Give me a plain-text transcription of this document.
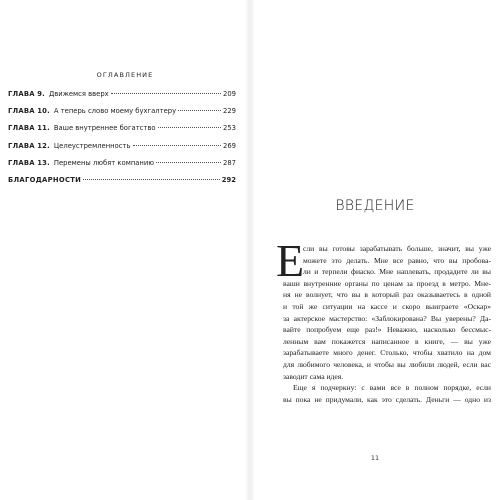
ОГЛАВЛЕНИЕ
ГЛАВА 9. Движемся вверх	209
ГЛАВА 10. А теперь слово моему бухгалтеру	229
ГЛАВА 11. Ваше внутреннее богатство	253
ГЛАВА 12. Целеустремленность	269
ГЛАВА 13. Перемены любят компанию	287
БЛАГОДАРНОСТИ	292
ВВЕДЕНИЕ
Е
сли вы готовы зарабатывать больше, значит, вы уже
можете это делать. Мне все равно, что вы пробова-
ли и терпели фиаско. Мне наплевать, продадите ли вы
ваши внутренние органы по ценам за проезд в метро. Мне-
ня не волнует, что вы в который раз оказываетесь в одной
и той же ситуации на кассе и скоро выиграете «Оскар»
за актерское мастерство: «Заблокирована? Вы уверены? Да-
вайте попробуем еще раз!» Неважно, насколько бессмыс-
ленным вам покажется написанное в книге, — вы уже
зарабатываете много денег. Столько, чтобы хватило на дом
для любимого человека, и чтобы вы любили людей, если вас
заводит сама идея.
Еще я подчеркну: с вами все в полном порядке, если
вы пока не придумали, как это сделать. Деньги — одно из
11
